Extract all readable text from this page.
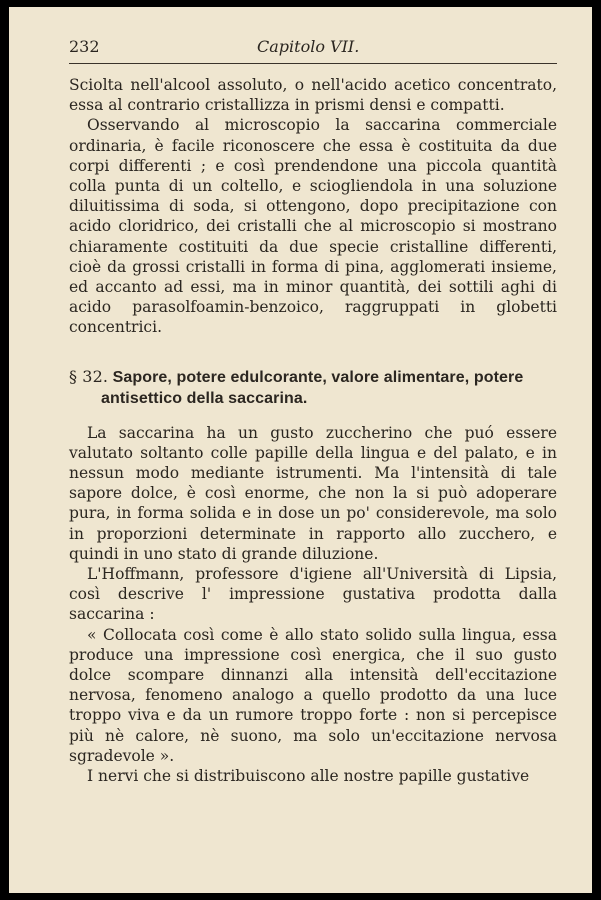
232	Capitolo VII.

Sciolta nell'alcool assoluto, o nell'acido acetico concentrato, essa al contrario cristallizza in prismi densi e compatti.

Osservando al microscopio la saccarina commerciale ordinaria, è facile riconoscere che essa è costituita da due corpi differenti ; e così prendendone una piccola quantità colla punta di un coltello, e sciogliendola in una soluzione diluitissima di soda, si ottengono, dopo precipitazione con acido cloridrico, dei cristalli che al microscopio si mostrano chiaramente costituiti da due specie cristalline differenti, cioè da grossi cristalli in forma di pina, agglomerati insieme, ed accanto ad essi, ma in minor quantità, dei sottili aghi di acido parasolfoamin-benzoico, raggruppati in globetti concentrici.

§ 32. Sapore, potere edulcorante, valore alimentare, potere antisettico della saccarina.

La saccarina ha un gusto zuccherino che puó essere valutato soltanto colle papille della lingua e del palato, e in nessun modo mediante istrumenti. Ma l'intensità di tale sapore dolce, è così enorme, che non la si può adoperare pura, in forma solida e in dose un po' considerevole, ma solo in proporzioni determinate in rapporto allo zucchero, e quindi in uno stato di grande diluzione.

L'Hoffmann, professore d'igiene all'Università di Lipsia, così descrive l' impressione gustativa prodotta dalla saccarina :

« Collocata così come è allo stato solido sulla lingua, essa produce una impressione così energica, che il suo gusto dolce scompare dinnanzi alla intensità dell'eccitazione nervosa, fenomeno analogo a quello prodotto da una luce troppo viva e da un rumore troppo forte : non si percepisce più nè calore, nè suono, ma solo un'eccitazione nervosa sgradevole ».

I nervi che si distribuiscono alle nostre papille gustative
